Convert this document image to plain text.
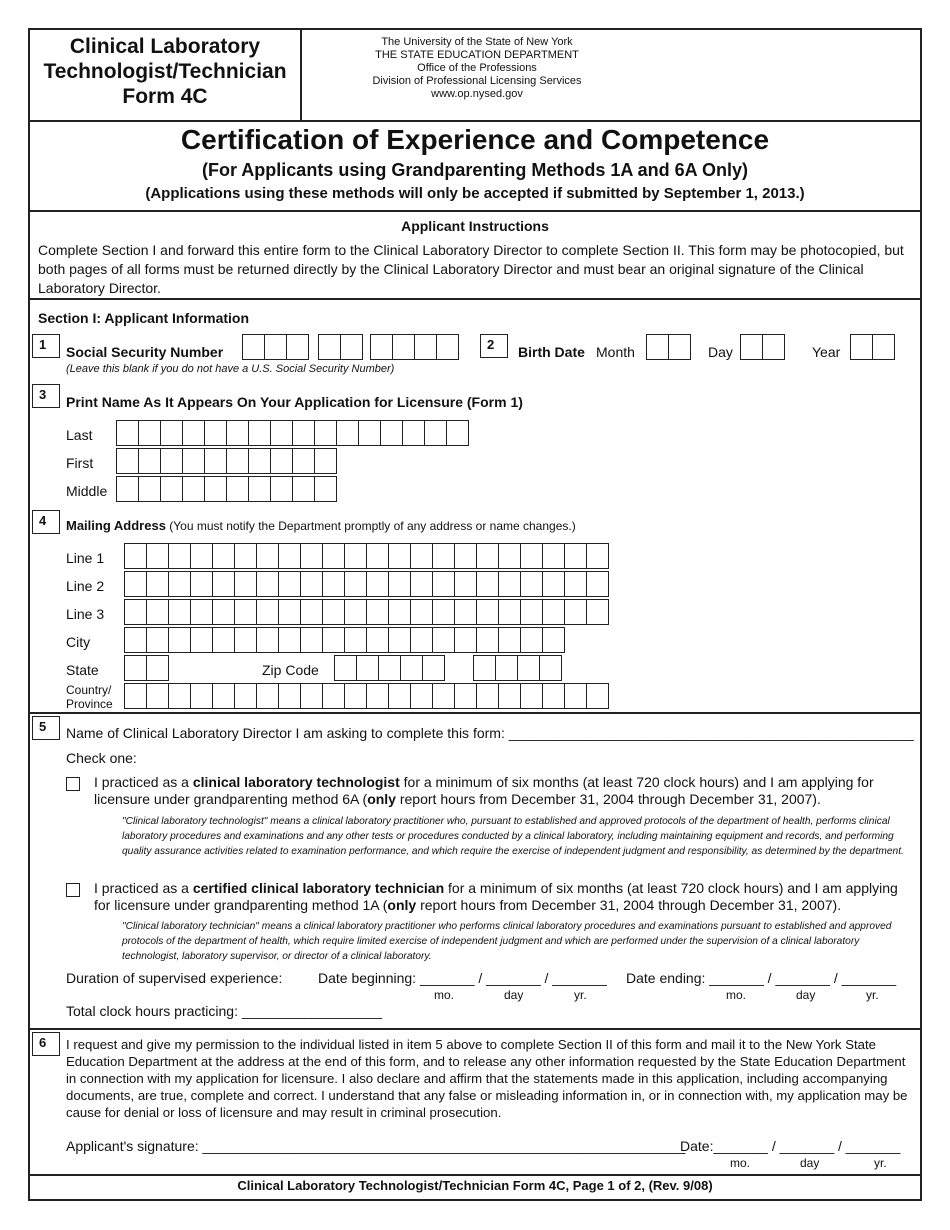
Clinical Laboratory
Technologist/Technician
Form 4C
The University of the State of New York
THE STATE EDUCATION DEPARTMENT
Office of the Professions
Division of Professional Licensing Services
www.op.nysed.gov
Certification of Experience and Competence
(For Applicants using Grandparenting Methods 1A and 6A Only)
(Applications using these methods will only be accepted if submitted by September 1, 2013.)
Applicant Instructions
Complete Section I and forward this entire form to the Clinical Laboratory Director to complete Section II. This form may be photocopied, but both pages of all forms must be returned directly by the Clinical Laboratory Director and must bear an original signature of the Clinical Laboratory Director.
Section I: Applicant Information
1	Social Security Number
(Leave this blank if you do not have a U.S. Social Security Number)
2	Birth Date Month	Day	Year
3	Print Name As It Appears On Your Application for Licensure (Form 1)
Last
First
Middle
4	Mailing Address (You must notify the Department promptly of any address or name changes.)
Line 1
Line 2
Line 3
City
State	Zip Code
Country/
Province
5	Name of Clinical Laboratory Director I am asking to complete this form: ____________________________________________________
Check one:
I practiced as a clinical laboratory technologist for a minimum of six months (at least 720 clock hours) and I am applying for licensure under grandparenting method 6A (only report hours from December 31, 2004 through December 31, 2007).
"Clinical laboratory technologist" means a clinical laboratory practitioner who, pursuant to established and approved protocols of the department of health, performs clinical laboratory procedures and examinations and any other tests or procedures conducted by a clinical laboratory, including maintaining equipment and records, and performing quality assurance activities related to examination performance, and which require the exercise of independent judgment and responsibility, as determined by the department.
I practiced as a certified clinical laboratory technician for a minimum of six months (at least 720 clock hours) and I am applying for licensure under grandparenting method 1A (only report hours from December 31, 2004 through December 31, 2007).
"Clinical laboratory technician" means a clinical laboratory practitioner who performs clinical laboratory procedures and examinations pursuant to established and approved protocols of the department of health, which require limited exercise of independent judgment and which are performed under the supervision of a clinical laboratory technologist, laboratory supervisor, or director of a clinical laboratory.
Duration of supervised experience:	Date beginning: _______ / _______ / _______ Date ending: _______ / _______ / _______
mo.	day	yr.	mo.	day	yr.
Total clock hours practicing: __________________
6	I request and give my permission to the individual listed in item 5 above to complete Section II of this form and mail it to the New York State Education Department at the address at the end of this form, and to release any other information requested by the State Education Department in connection with my application for licensure. I also declare and affirm that the statements made in this application, including accompanying documents, are true, complete and correct. I understand that any false or misleading information in, or in connection with, my application may be cause for denial or loss of licensure and may result in criminal prosecution.
Applicant's signature: ______________________________________________________________
Date:_______ / _______ / _______
mo.	day	yr.
Clinical Laboratory Technologist/Technician Form 4C, Page 1 of 2, (Rev. 9/08)
